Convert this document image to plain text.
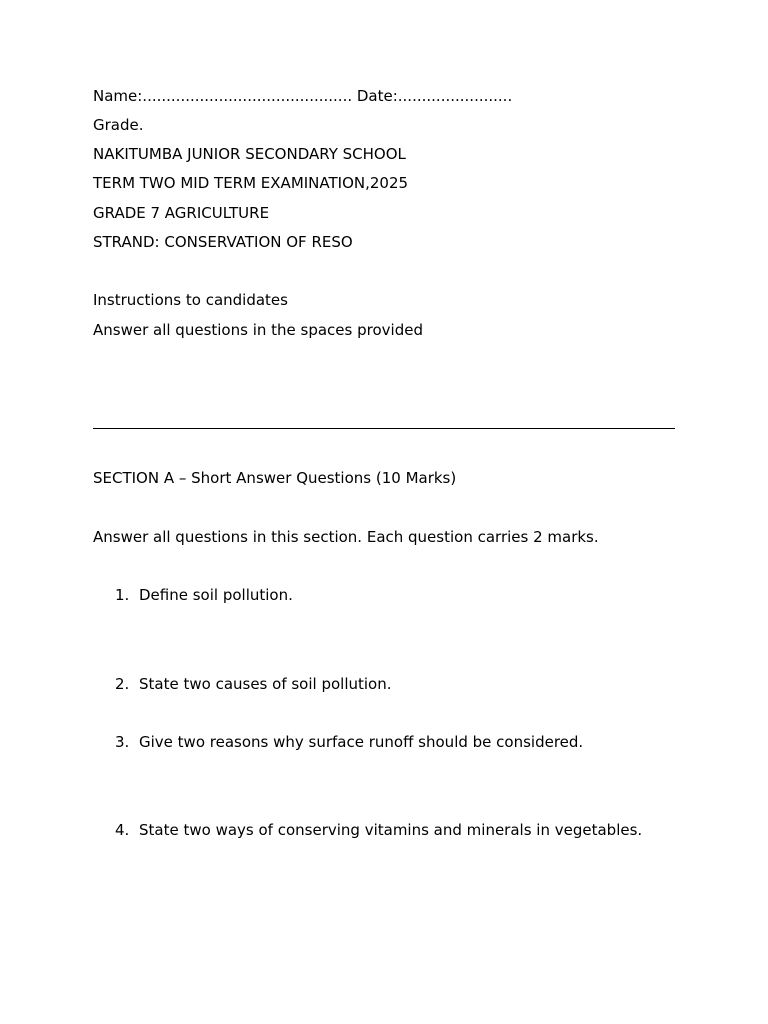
Name:............................................ Date:........................
Grade.
NAKITUMBA JUNIOR SECONDARY SCHOOL
TERM TWO MID TERM EXAMINATION,2025
GRADE 7 AGRICULTURE
STRAND: CONSERVATION OF RESO
Instructions to candidates
Answer all questions in the spaces provided
SECTION A – Short Answer Questions (10 Marks)
Answer all questions in this section. Each question carries 2 marks.
1. Define soil pollution.
2. State two causes of soil pollution.
3. Give two reasons why surface runoff should be considered.
4. State two ways of conserving vitamins and minerals in vegetables.
